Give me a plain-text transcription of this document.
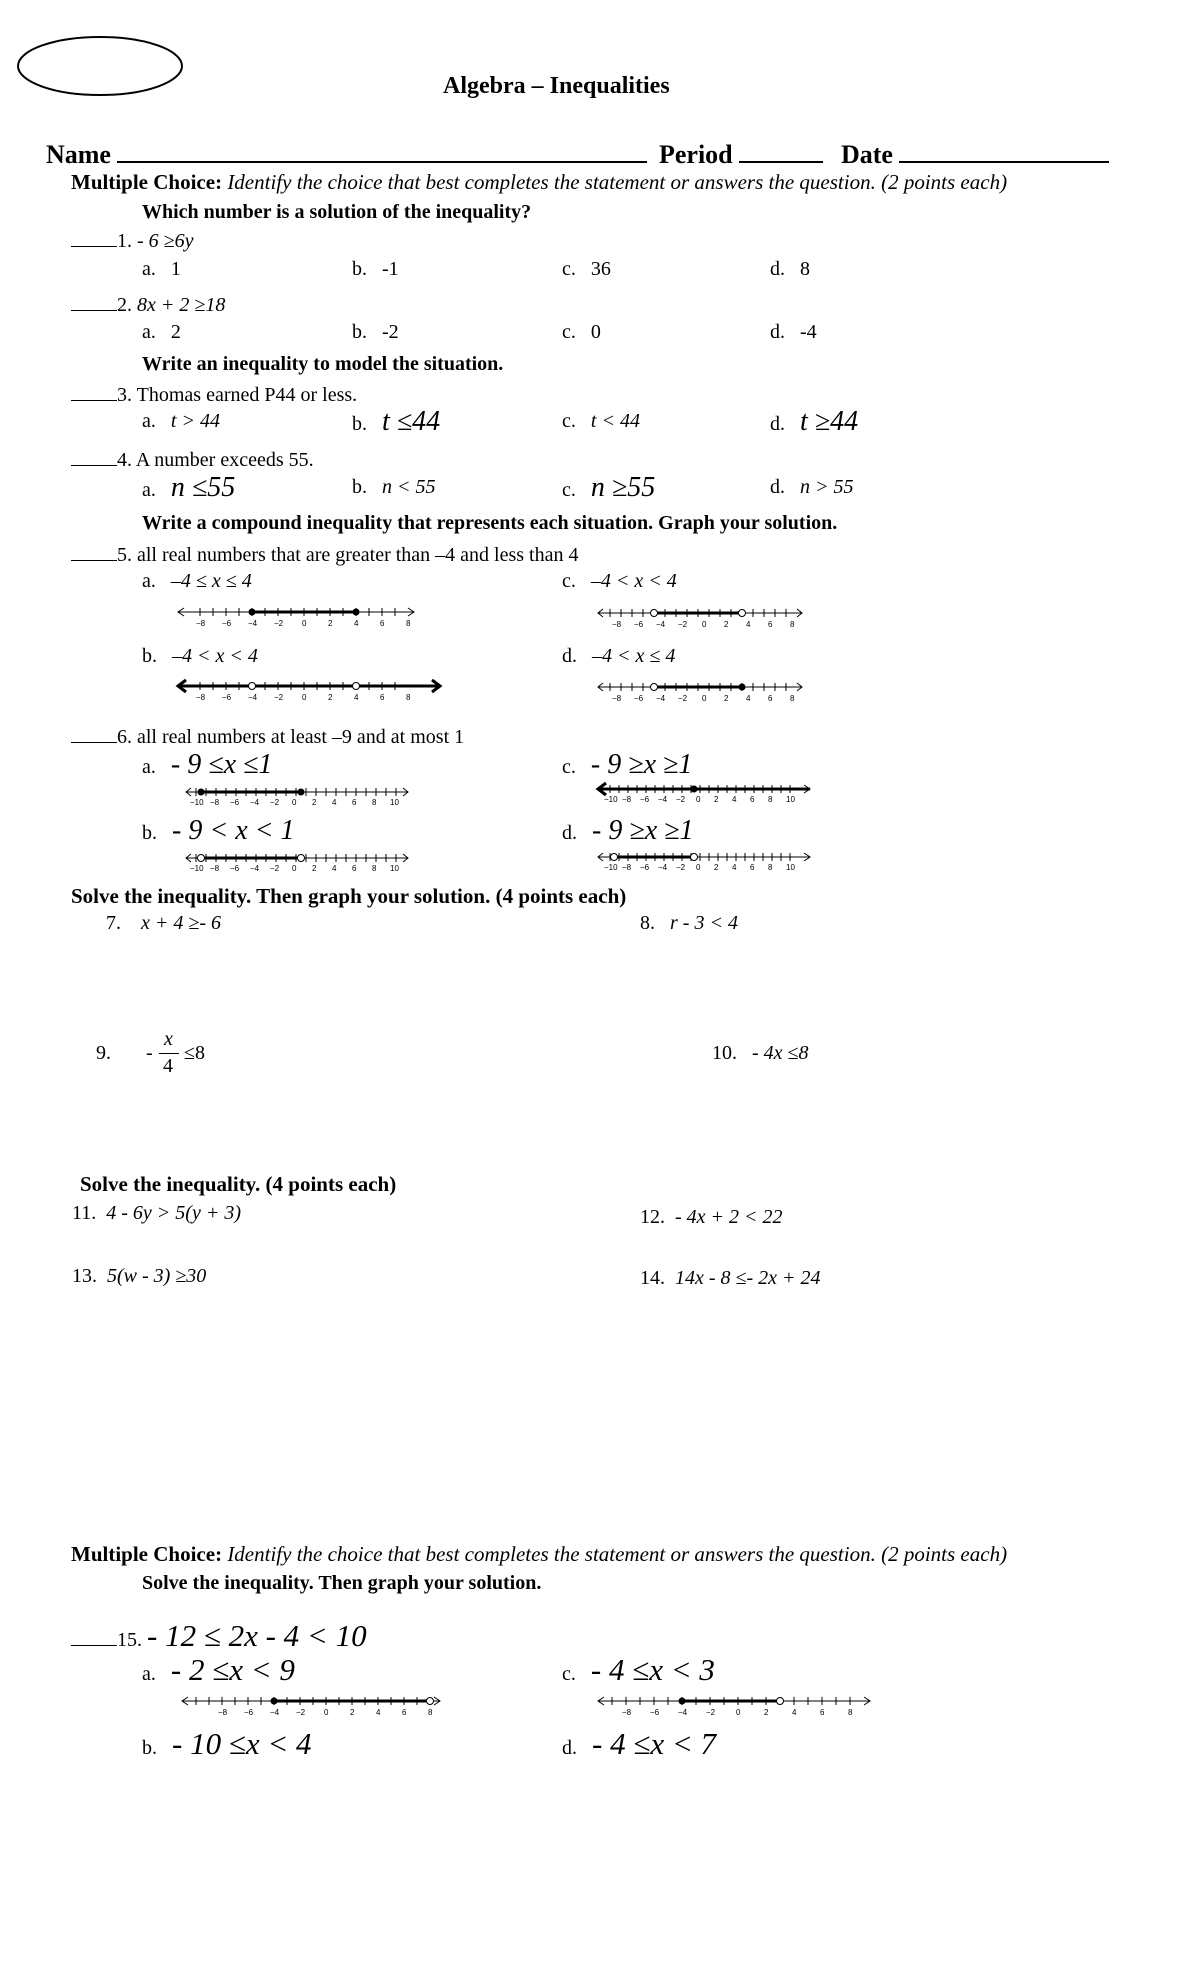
Algebra – Inequalities
Name	Period	Date
Multiple Choice: Identify the choice that best completes the statement or answers the question. (2 points each)
Which number is a solution of the inequality?
1. - 6 ≥6y
a. 1	b. -1	c. 36	d. 8
2. 8x + 2 ≥18
a. 2	b. -2	c. 0	d. -4
Write an inequality to model the situation.
3. Thomas earned P44 or less.
a. t > 44	b. t ≤44	c. t < 44	d. t ≥44
4. A number exceeds 55.
a. n ≤55	b. n < 55	c. n ≥55	d. n > 55
Write a compound inequality that represents each situation. Graph your solution.
5. all real numbers that are greater than –4 and less than 4
a. –4 ≤ x ≤ 4	c. –4 < x < 4
b. –4 < x < 4	d. –4 < x ≤ 4
−8 −6 −4 −2 0	2	4	6	8	−8 −6 −4 −2 0 2 4 6 8
−8 −6 −4 −2 0	2	4	6	8	−8 −6 −4 −2 0 2 4 6 8
6. all real numbers at least –9 and at most 1
a. - 9 ≤x ≤1	c. - 9 ≥x ≥1
b. - 9 < x < 1	d. - 9 ≥x ≥1
−10 −8 −6 −4 −2 0 2 4 6 8 10	−10 −8 −6 −4 −2 0 2 4 6 8 10
−10 −8 −6 −4 −2 0 2 4 6 8 10	−10 −8 −6 −4 −2 0 2 4 6 8 10
Solve the inequality. Then graph your solution. (4 points each)
7. x + 4 ≥- 6	8. r - 3 < 4
9. -
x
4
≤8	10. - 4x ≤8
Solve the inequality. (4 points each)
11. 4 - 6y > 5(y + 3)	12. - 4x + 2 < 22
13. 5(w - 3) ≥30	14. 14x - 8 ≤- 2x + 24
Multiple Choice: Identify the choice that best completes the statement or answers the question. (2 points each)
Solve the inequality. Then graph your solution.
15. - 12 ≤ 2x - 4 < 10
a. - 2 ≤x < 9	c. - 4 ≤x < 3
b. - 10 ≤x < 4	d. - 4 ≤x < 7
−8 −6 −4 −2 0	2	4	6	8	−8 −6 −4 −2	0	2	4	6	8
